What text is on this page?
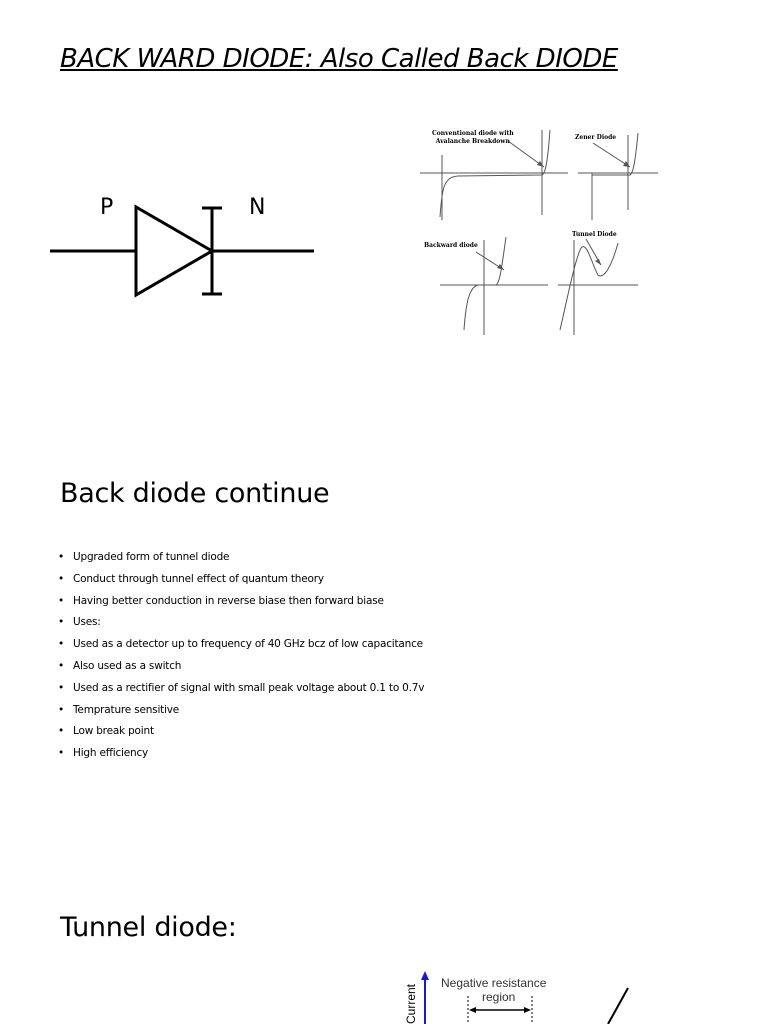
BACK WARD DIODE: Also Called Back DIODE
P	N
Conventional diode with
Avalanche Breakdown
Zener Diode
Backward diode
Tunnel Diode
Back diode continue
• Upgraded form of tunnel diode
• Conduct through tunnel effect of quantum theory
• Having better conduction in reverse biase then forward biase
• Uses:
• Used as a detector up to frequency of 40 GHz bcz of low capacitance
• Also used as a switch
• Used as a rectifier of signal with small peak voltage about 0.1 to 0.7v
• Temprature sensitive
• Low break point
• High efficiency
Tunnel diode:
Current
Negative resistance
region
